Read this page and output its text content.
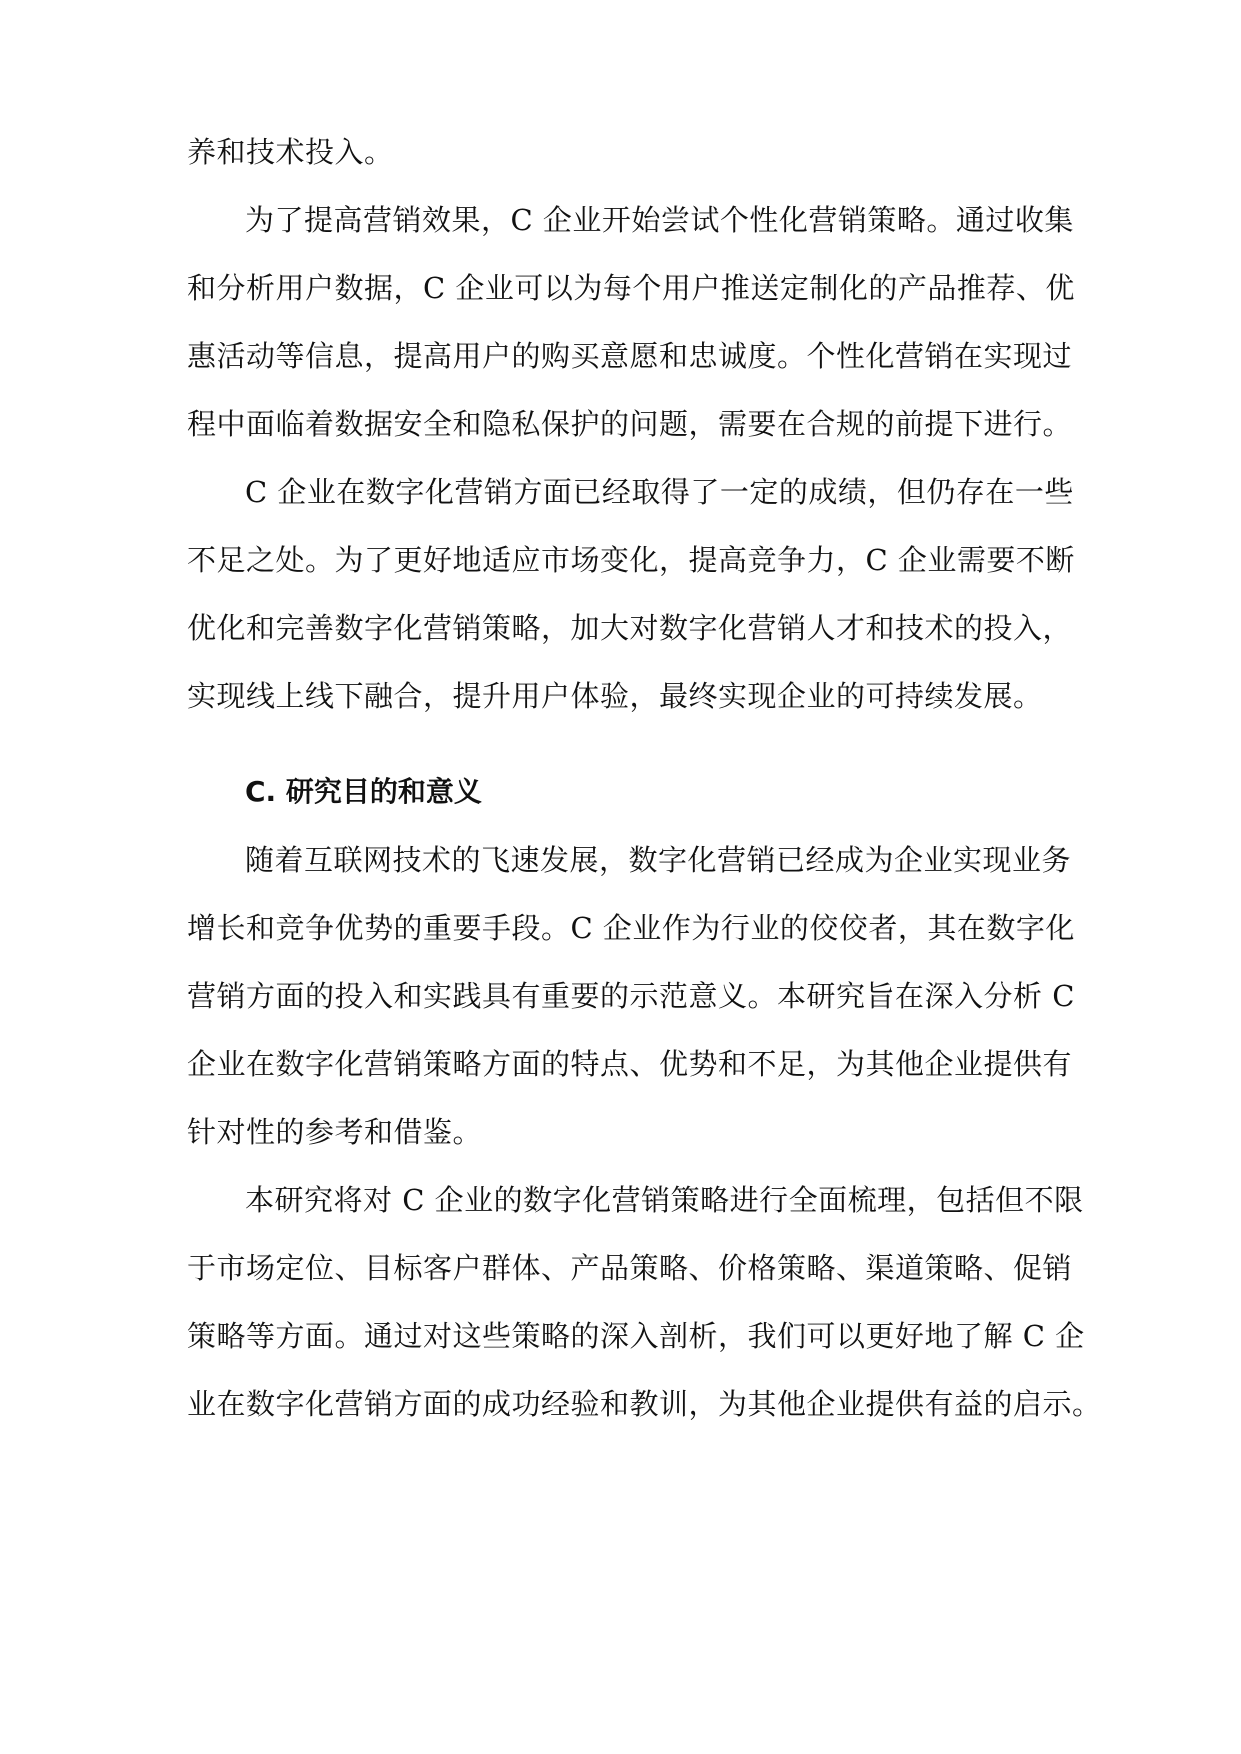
养和技术投入。

为了提高营销效果，C 企业开始尝试个性化营销策略。通过收集

和分析用户数据，C 企业可以为每个用户推送定制化的产品推荐、优

惠活动等信息，提高用户的购买意愿和忠诚度。个性化营销在实现过

程中面临着数据安全和隐私保护的问题，需要在合规的前提下进行。

C 企业在数字化营销方面已经取得了一定的成绩，但仍存在一些

不足之处。为了更好地适应市场变化，提高竞争力，C 企业需要不断

优化和完善数字化营销策略，加大对数字化营销人才和技术的投入，

实现线上线下融合，提升用户体验，最终实现企业的可持续发展。

C. 研究目的和意义

随着互联网技术的飞速发展，数字化营销已经成为企业实现业务

增长和竞争优势的重要手段。C 企业作为行业的佼佼者，其在数字化

营销方面的投入和实践具有重要的示范意义。本研究旨在深入分析 C

企业在数字化营销策略方面的特点、优势和不足，为其他企业提供有

针对性的参考和借鉴。

本研究将对 C 企业的数字化营销策略进行全面梳理，包括但不限

于市场定位、目标客户群体、产品策略、价格策略、渠道策略、促销

策略等方面。通过对这些策略的深入剖析，我们可以更好地了解 C 企

业在数字化营销方面的成功经验和教训，为其他企业提供有益的启示。
